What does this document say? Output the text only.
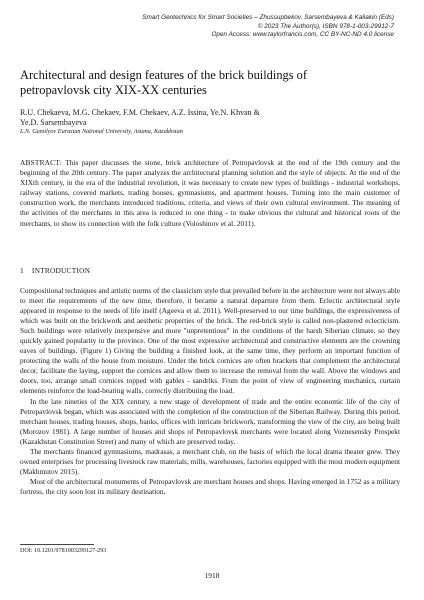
Smart Geotechnics for Smart Societies – Zhussupbekov, Sarsembayeva & Kaliakin (Eds)
© 2023 The Author(s), ISBN 978-1-003-29912-7
Open Access: www.taylorfrancis.com, CC BY-NC-ND 4.0 license
Architectural and design features of the brick buildings of
petropavlovsk city XIX-XX centuries
R.U. Chekaeva, M.G. Chekaev, F.M. Chekaev, A.Z. Issina, Ye.N. Khvan &
Ye.D. Sarsembayeva
L.N. Gumilyov Eurasian National University, Astana, Kazakhstan
ABSTRACT: This paper discusses the stone, brick architecture of Petropavlovsk at the end of the 19th century and the beginning of the 20th century. The paper analyzes the architectural planning solution and the style of objects. At the end of the XIXth century, in the era of the industrial revolution, it was necessary to create new types of buildings - industrial workshops, railway stations, covered markets, trading houses, gymnasiums, and apartment houses. Turning into the main customer of construction work, the merchants introduced traditions, criteria, and views of their own cultural environment. The meaning of the activities of the merchants in this area is reduced to one thing - to make obvious the cultural and historical roots of the merchants, to show its connection with the folk culture (Voloshinov et al. 2011).
1 INTRODUCTION

Compositional techniques and artistic norms of the classicism style that prevailed before in the architecture were not always able to meet the requirements of the new time, therefore, it became a natural departure from them. Eclectic architectural style appeared in response to the needs of life itself (Ageeva et al. 2011). Well-preserved to our time buildings, the expressiveness of which was built on the brickwork and aesthetic properties of the brick. The red-brick style is called non-plastered eclecticism. Such buildings were relatively inexpensive and more "unpretentious" in the conditions of the harsh Siberian climate, so they quickly gained popularity in the province. One of the most expressive architectural and constructive elements are the crowning eaves of buildings. (Figure 1) Giving the building a finished look, at the same time, they perform an important function of protecting the walls of the house from moisture. Under the brick cornices are often brackets that complement the architectural decor, facilitate the laying, support the cornices and allow them to increase the removal from the wall. Above the windows and doors, too, arrange small cornices topped with gables - sandriks. From the point of view of engineering mechanics, curtain elements reinforce the load-bearing walls, correctly distributing the load.

In the late nineties of the XIX century, a new stage of development of trade and the entire economic life of the city of Petropavlovsk began, which was associated with the completion of the construction of the Siberian Railway. During this period, merchant houses, trading houses, shops, banks, offices with intricate brickwork, transforming the view of the city, are being built (Morozov 1981). A large number of houses and shops of Petropavlovsk merchants were located along Voznesensky Prospekt (Kazakhstan Constitution Street) and many of which are preserved today.

The merchants financed gymnasiums, madrasas, a merchant club, on the basis of which the local drama theater grew. They owned enterprises for processing livestock raw materials, mills, warehouses, factories equipped with the most modern equipment (Makhmutov 2015).

Most of the architectural monuments of Petropavlovsk are merchant houses and shops. Having emerged in 1752 as a military fortress, the city soon lost its military destination,

DOI: 10.1201/9781003299127-293
1918
